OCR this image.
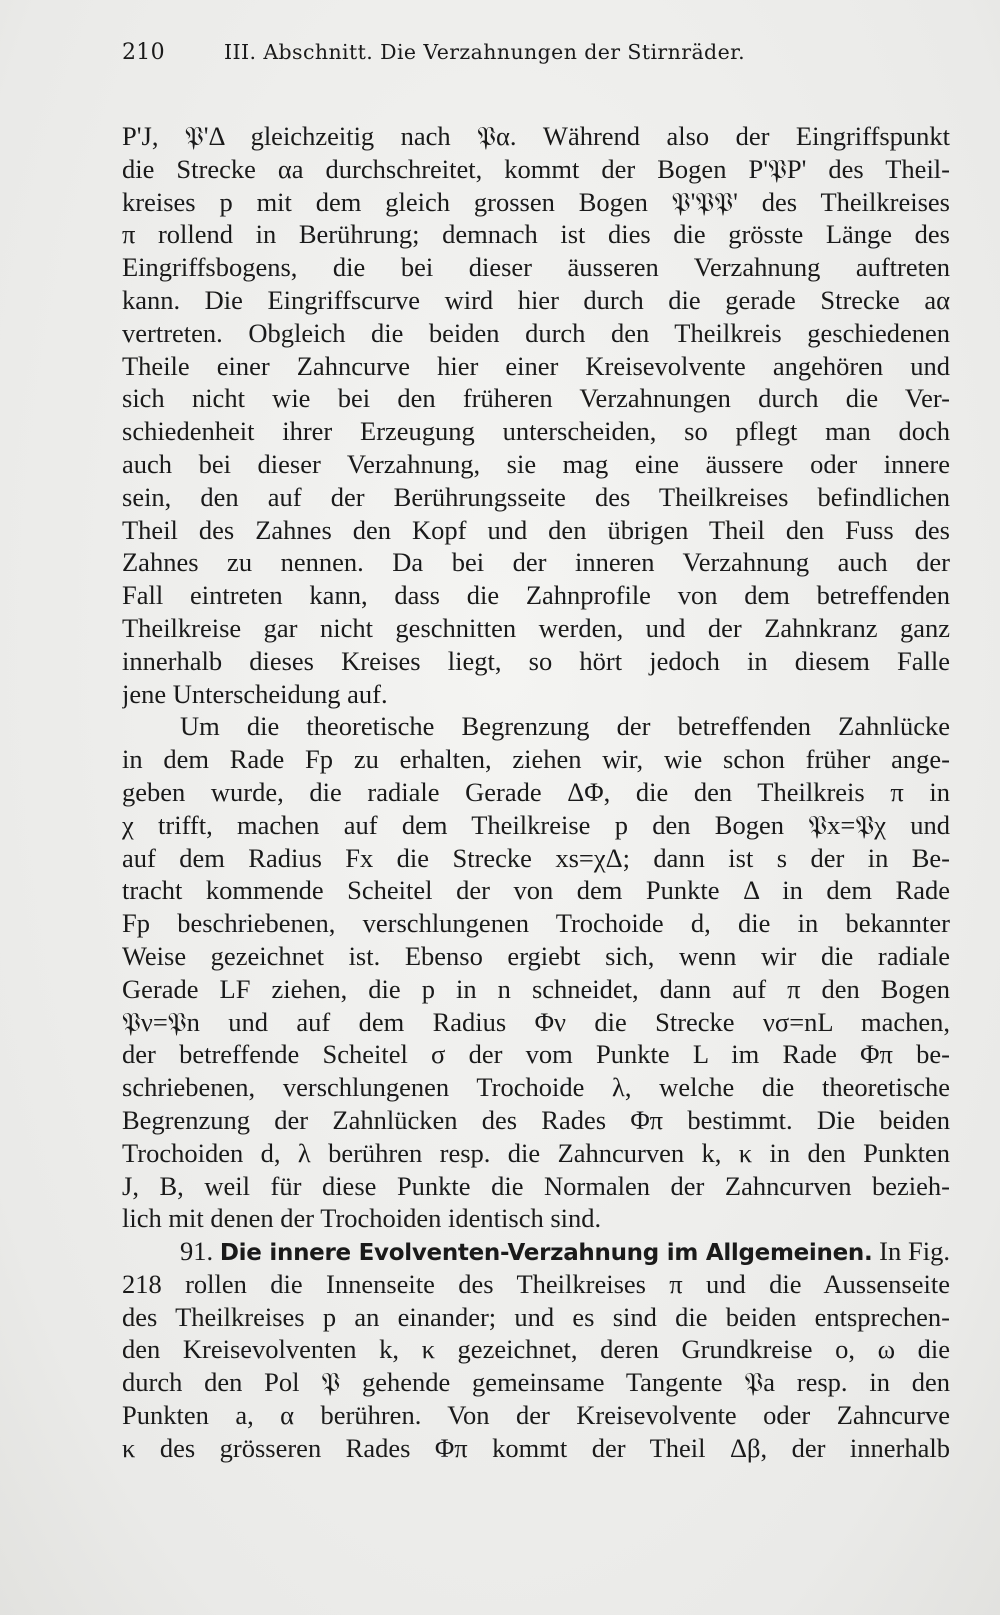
210	III. Abschnitt. Die Verzahnungen der Stirnräder.
P'J, 𝔓'Δ gleichzeitig nach 𝔓α. Während also der Eingriffspunkt
die Strecke αa durchschreitet, kommt der Bogen P'𝔓P' des Theil-
kreises p mit dem gleich grossen Bogen 𝔓'𝔓𝔓' des Theilkreises
π rollend in Berührung; demnach ist dies die grösste Länge des
Eingriffsbogens, die bei dieser äusseren Verzahnung auftreten
kann. Die Eingriffscurve wird hier durch die gerade Strecke aα
vertreten. Obgleich die beiden durch den Theilkreis geschiedenen
Theile einer Zahncurve hier einer Kreisevolvente angehören und
sich nicht wie bei den früheren Verzahnungen durch die Ver-
schiedenheit ihrer Erzeugung unterscheiden, so pflegt man doch
auch bei dieser Verzahnung, sie mag eine äussere oder innere
sein, den auf der Berührungsseite des Theilkreises befindlichen
Theil des Zahnes den Kopf und den übrigen Theil den Fuss des
Zahnes zu nennen. Da bei der inneren Verzahnung auch der
Fall eintreten kann, dass die Zahnprofile von dem betreffenden
Theilkreise gar nicht geschnitten werden, und der Zahnkranz ganz
innerhalb dieses Kreises liegt, so hört jedoch in diesem Falle
jene Unterscheidung auf.
Um die theoretische Begrenzung der betreffenden Zahnlücke
in dem Rade Fp zu erhalten, ziehen wir, wie schon früher ange-
geben wurde, die radiale Gerade ΔΦ, die den Theilkreis π in
χ trifft, machen auf dem Theilkreise p den Bogen 𝔓x=𝔓χ und
auf dem Radius Fx die Strecke xs=χΔ; dann ist s der in Be-
tracht kommende Scheitel der von dem Punkte Δ in dem Rade
Fp beschriebenen, verschlungenen Trochoide d, die in bekannter
Weise gezeichnet ist. Ebenso ergiebt sich, wenn wir die radiale
Gerade LF ziehen, die p in n schneidet, dann auf π den Bogen
𝔓ν=𝔓n und auf dem Radius Φν die Strecke νσ=nL machen,
der betreffende Scheitel σ der vom Punkte L im Rade Φπ be-
schriebenen, verschlungenen Trochoide λ, welche die theoretische
Begrenzung der Zahnlücken des Rades Φπ bestimmt. Die beiden
Trochoiden d, λ berühren resp. die Zahncurven k, κ in den Punkten
J, B, weil für diese Punkte die Normalen der Zahncurven bezieh-
lich mit denen der Trochoiden identisch sind.
91. Die innere Evolventen-Verzahnung im Allgemeinen. In Fig.
218 rollen die Innenseite des Theilkreises π und die Aussenseite
des Theilkreises p an einander; und es sind die beiden entsprechen-
den Kreisevolventen k, κ gezeichnet, deren Grundkreise o, ω die
durch den Pol 𝔓 gehende gemeinsame Tangente 𝔓a resp. in den
Punkten a, α berühren. Von der Kreisevolvente oder Zahncurve
κ des grösseren Rades Φπ kommt der Theil Δβ, der innerhalb
